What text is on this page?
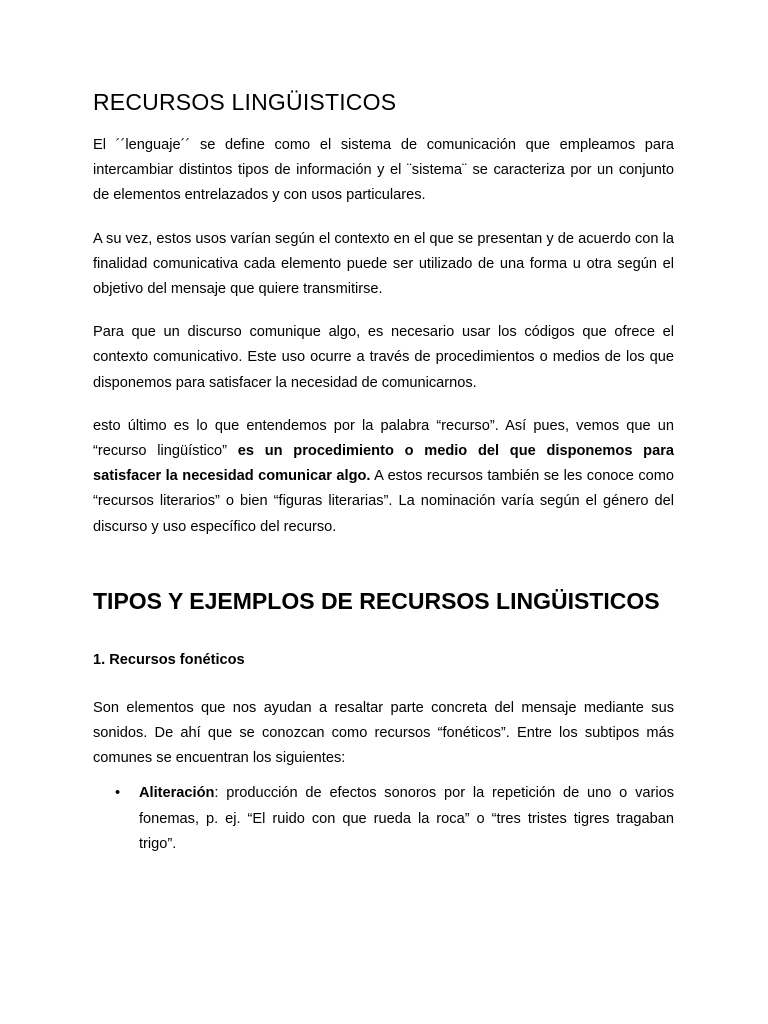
RECURSOS LINGÜISTICOS

El ´´lenguaje´´ se define como el sistema de comunicación que empleamos para intercambiar distintos tipos de información y el ¨sistema¨ se caracteriza por un conjunto de elementos entrelazados y con usos particulares.

A su vez, estos usos varían según el contexto en el que se presentan y de acuerdo con la finalidad comunicativa cada elemento puede ser utilizado de una forma u otra según el objetivo del mensaje que quiere transmitirse.

Para que un discurso comunique algo, es necesario usar los códigos que ofrece el contexto comunicativo. Este uso ocurre a través de procedimientos o medios de los que disponemos para satisfacer la necesidad de comunicarnos.

esto último es lo que entendemos por la palabra “recurso”. Así pues, vemos que un “recurso lingüístico” es un procedimiento o medio del que disponemos para satisfacer la necesidad comunicar algo. A estos recursos también se les conoce como “recursos literarios” o bien “figuras literarias”. La nominación varía según el género del discurso y uso específico del recurso.

TIPOS Y EJEMPLOS DE RECURSOS LINGÜISTICOS
1. Recursos fonéticos

Son elementos que nos ayudan a resaltar parte concreta del mensaje mediante sus sonidos. De ahí que se conozcan como recursos “fonéticos”. Entre los subtipos más comunes se encuentran los siguientes:

• Aliteración: producción de efectos sonoros por la repetición de uno o varios fonemas, p. ej. “El ruido con que rueda la roca” o “tres tristes tigres tragaban trigo”.
